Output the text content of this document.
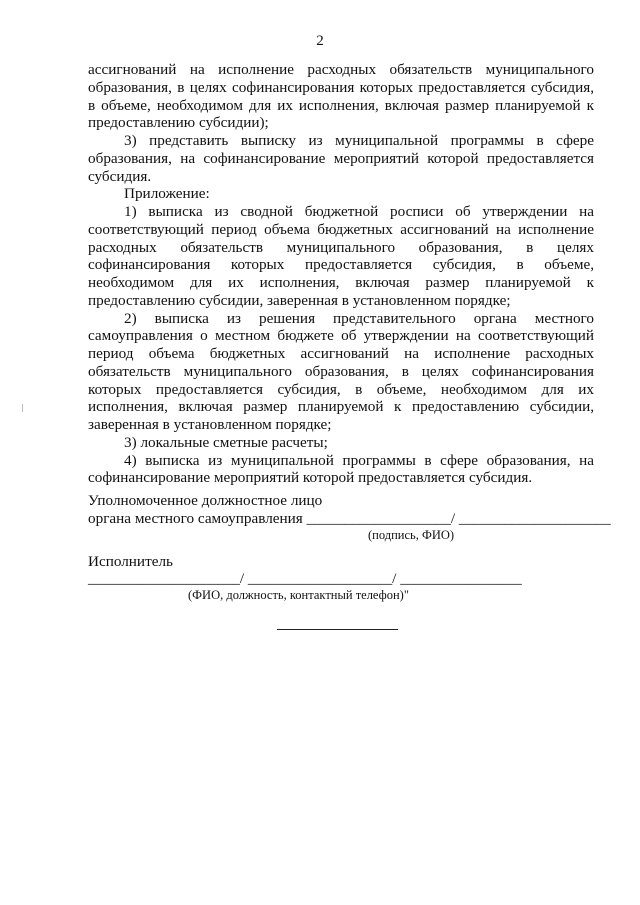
2

ассигнований на исполнение расходных обязательств муниципального образования, в целях софинансирования которых предоставляется субсидия, в объеме, необходимом для их исполнения, включая размер планируемой к предоставлению субсидии);

3) представить выписку из муниципальной программы в сфере образования, на софинансирование мероприятий которой предоставляется субсидия.

Приложение:

1) выписка из сводной бюджетной росписи об утверждении на соответствующий период объема бюджетных ассигнований на исполнение расходных обязательств муниципального образования, в целях софинансирования которых предоставляется субсидия, в объеме, необходимом для их исполнения, включая размер планируемой к предоставлению субсидии, заверенная в установленном порядке;

2) выписка из решения представительного органа местного самоуправления о местном бюджете об утверждении на соответствующий период объема бюджетных ассигнований на исполнение расходных обязательств муниципального образования, в целях софинансирования которых предоставляется субсидия, в объеме, необходимом для их исполнения, включая размер планируемой к предоставлению субсидии, заверенная в установленном порядке;

3) локальные сметные расчеты;

4) выписка из муниципальной программы в сфере образования, на софинансирование мероприятий которой предоставляется субсидия.

Уполномоченное должностное лицо

органа местного самоуправления ___________________/ ____________________

(подпись, ФИО)

Исполнитель

____________________/ ___________________/ ________________

(ФИО, должность, контактный телефон)"
